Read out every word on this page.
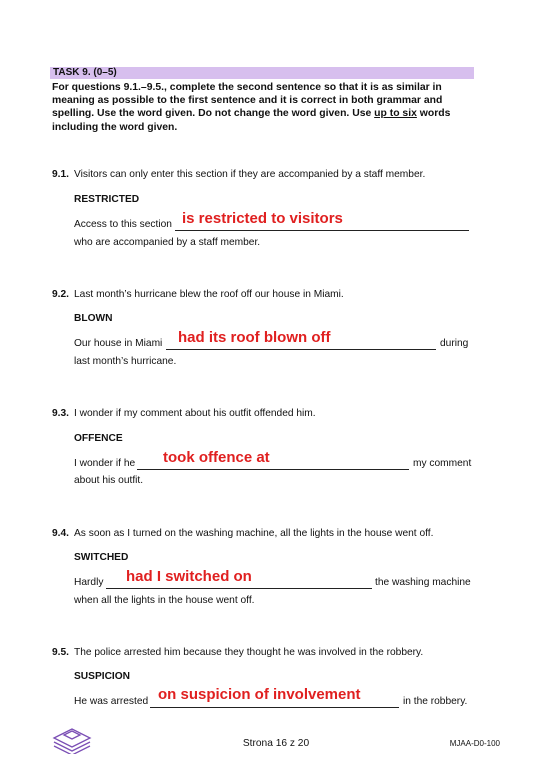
TASK 9. (0–5)
For questions 9.1.–9.5., complete the second sentence so that it is as similar in meaning as possible to the first sentence and it is correct in both grammar and spelling. Use the word given. Do not change the word given. Use up to six words including the word given.
9.1. Visitors can only enter this section if they are accompanied by a staff member.
RESTRICTED
Access to this section is restricted to visitors
who are accompanied by a staff member.
9.2. Last month’s hurricane blew the roof off our house in Miami.
BLOWN
Our house in Miami had its roof blown off	during
last month’s hurricane.
9.3. I wonder if my comment about his outfit offended him.
OFFENCE
I wonder if he took offence at	my comment
about his outfit.
9.4. As soon as I turned on the washing machine, all the lights in the house went off.
SWITCHED
Hardly had I switched on	the washing machine
when all the lights in the house went off.
9.5. The police arrested him because they thought he was involved in the robbery.
SUSPICION
He was arrested on suspicion of involvement	in the robbery.
Strona 16 z 20	MJAA-D0-100
